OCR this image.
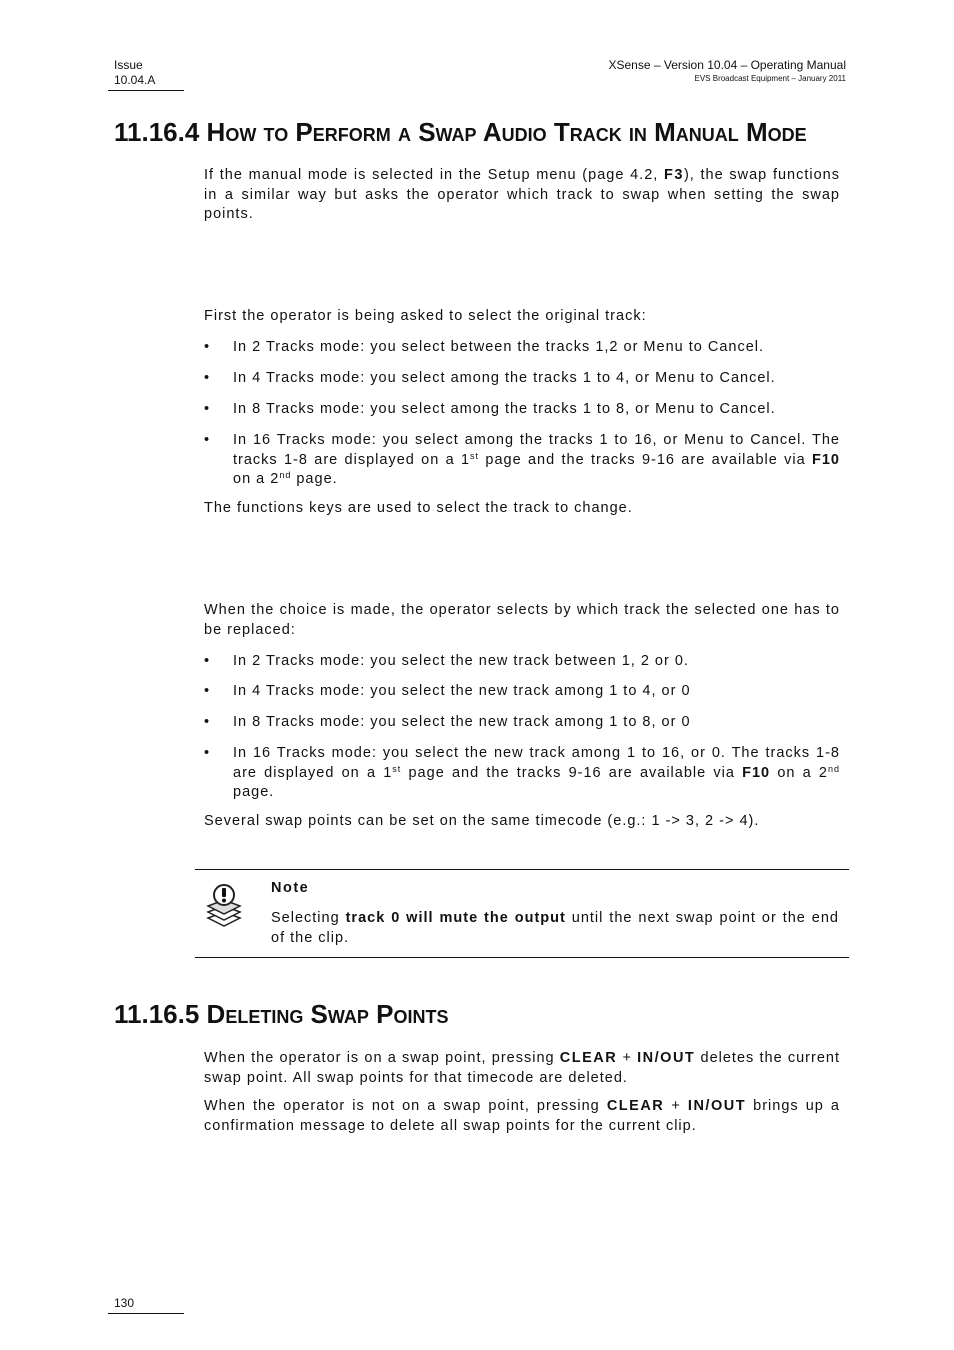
Issue
10.04.A
XSense – Version 10.04 – Operating Manual
EVS Broadcast Equipment – January 2011
11.16.4 How to Perform a Swap Audio Track in Manual Mode
If the manual mode is selected in the Setup menu (page 4.2, F3), the swap functions in a similar way but asks the operator which track to swap when setting the swap points.
First the operator is being asked to select the original track:
• In 2 Tracks mode: you select between the tracks 1,2 or Menu to Cancel.
• In 4 Tracks mode: you select among the tracks 1 to 4, or Menu to Cancel.
• In 8 Tracks mode: you select among the tracks 1 to 8, or Menu to Cancel.
• In 16 Tracks mode: you select among the tracks 1 to 16, or Menu to Cancel. The tracks 1-8 are displayed on a 1st page and the tracks 9-16 are available via F10 on a 2nd page.
The functions keys are used to select the track to change.
When the choice is made, the operator selects by which track the selected one has to be replaced:
• In 2 Tracks mode: you select the new track between 1, 2 or 0.
• In 4 Tracks mode: you select the new track among 1 to 4, or 0
• In 8 Tracks mode: you select the new track among 1 to 8, or 0
• In 16 Tracks mode: you select the new track among 1 to 16, or 0. The tracks 1-8 are displayed on a 1st page and the tracks 9-16 are available via F10 on a 2nd page.
Several swap points can be set on the same timecode (e.g.: 1 -> 3, 2 -> 4).
Note
Selecting track 0 will mute the output until the next swap point or the end of the clip.
11.16.5 Deleting Swap Points
When the operator is on a swap point, pressing CLEAR + IN/OUT deletes the current swap point. All swap points for that timecode are deleted.
When the operator is not on a swap point, pressing CLEAR + IN/OUT brings up a confirmation message to delete all swap points for the current clip.
130
